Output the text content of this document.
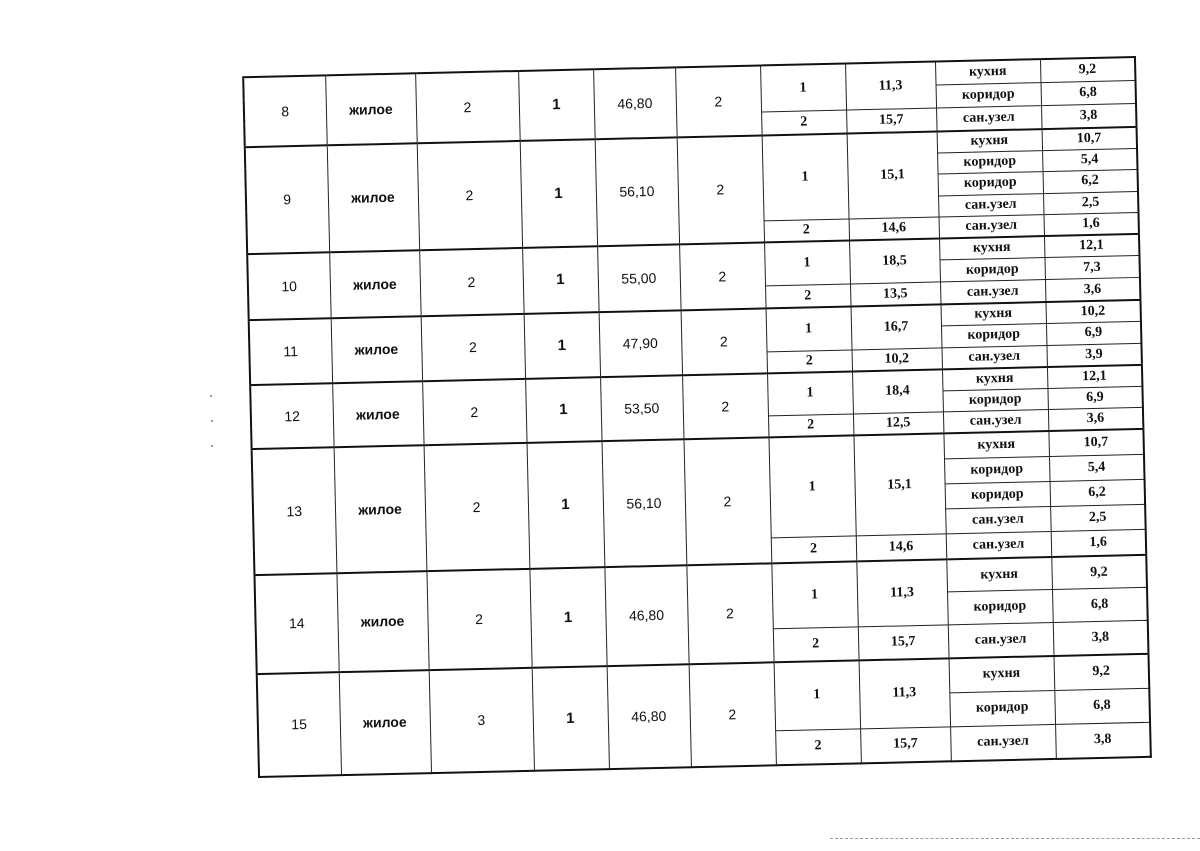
8	жилое	2	1	46,80	2	1	11,3	кухня	9,2
								коридор	6,8
						2	15,7	сан.узел	3,8
9	жилое	2	1	56,10	2	1	15,1	кухня	10,7
								коридор	5,4
								коридор	6,2
								сан.узел	2,5
						2	14,6	сан.узел	1,6
10	жилое	2	1	55,00	2	1	18,5	кухня	12,1
								коридор	7,3
						2	13,5	сан.узел	3,6
11	жилое	2	1	47,90	2	1	16,7	кухня	10,2
								коридор	6,9
						2	10,2	сан.узел	3,9
12	жилое	2	1	53,50	2	1	18,4	кухня	12,1
								коридор	6,9
						2	12,5	сан.узел	3,6
13	жилое	2	1	56,10	2	1	15,1	кухня	10,7
								коридор	5,4
								коридор	6,2
								сан.узел	2,5
						2	14,6	сан.узел	1,6
14	жилое	2	1	46,80	2	1	11,3	кухня	9,2
								коридор	6,8
						2	15,7	сан.узел	3,8
15	жилое	3	1	46,80	2	1	11,3	кухня	9,2
								коридор	6,8
						2	15,7	сан.узел	3,8
